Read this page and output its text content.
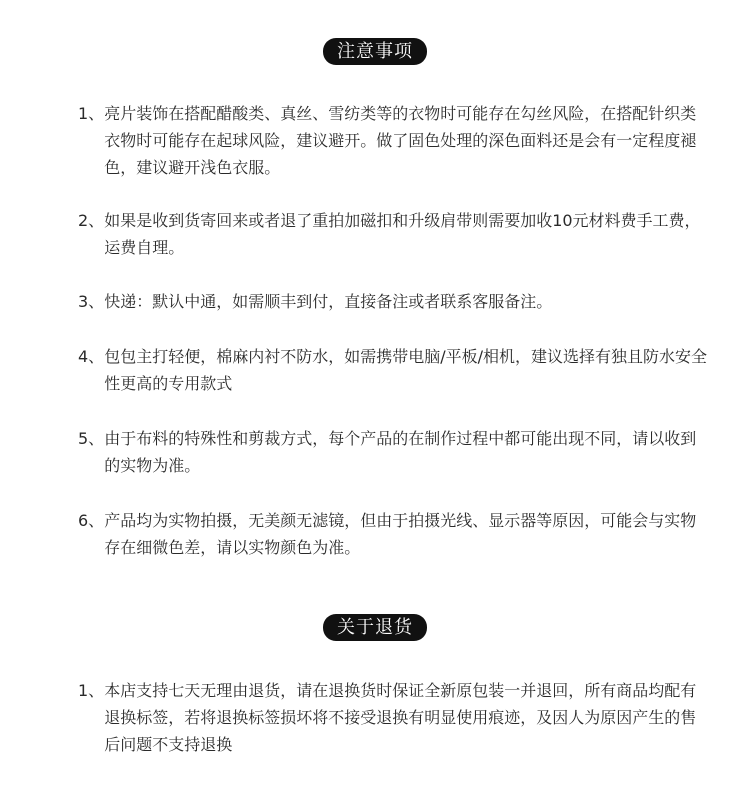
注意事项
1、 亮片装饰在搭配醋酸类、真丝、雪纺类等的衣物时可能存在勾丝风险，在搭配针织类衣物时可能存在起球风险，建议避开。做了固色处理的深色面料还是会有一定程度褪色，建议避开浅色衣服。
2、 如果是收到货寄回来或者退了重拍加磁扣和升级肩带则需要加收10元材料费手工费，运费自理。
3、 快递：默认中通，如需顺丰到付，直接备注或者联系客服备注。
4、 包包主打轻便，棉麻内衬不防水，如需携带电脑/平板/相机，建议选择有独且防水安全性更高的专用款式
5、 由于布料的特殊性和剪裁方式，每个产品的在制作过程中都可能出现不同，请以收到的实物为准。
6、 产品均为实物拍摄，无美颜无滤镜，但由于拍摄光线、显示器等原因，可能会与实物存在细微色差，请以实物颜色为准。
关于退货
1、 本店支持七天无理由退货，请在退换货时保证全新原包装一并退回，所有商品均配有退换标签，若将退换标签损坏将不接受退换有明显使用痕迹，及因人为原因产生的售后问题不支持退换
